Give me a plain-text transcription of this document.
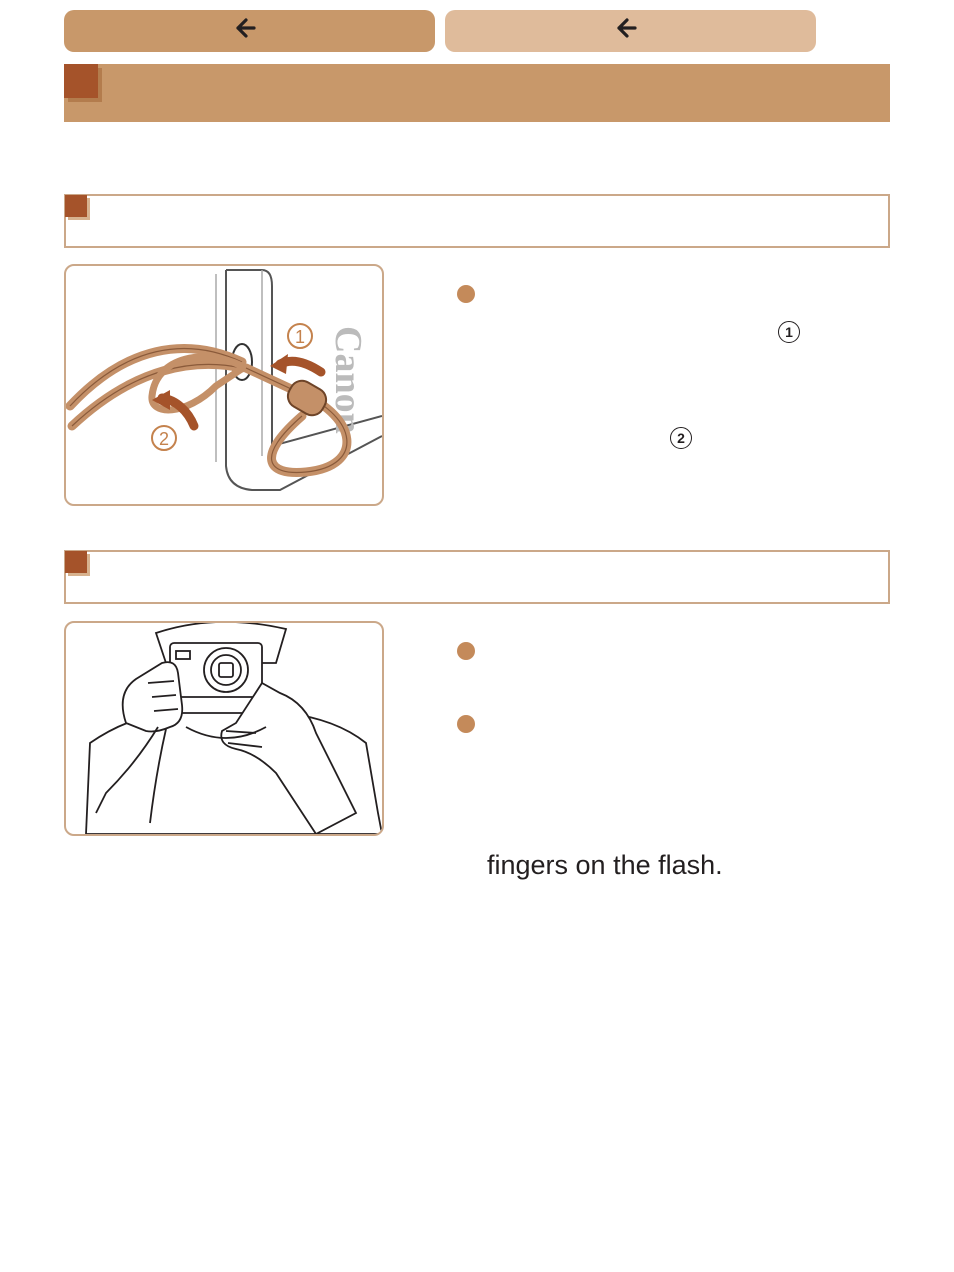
Canon
1
2
1
2
fingers on the flash.
